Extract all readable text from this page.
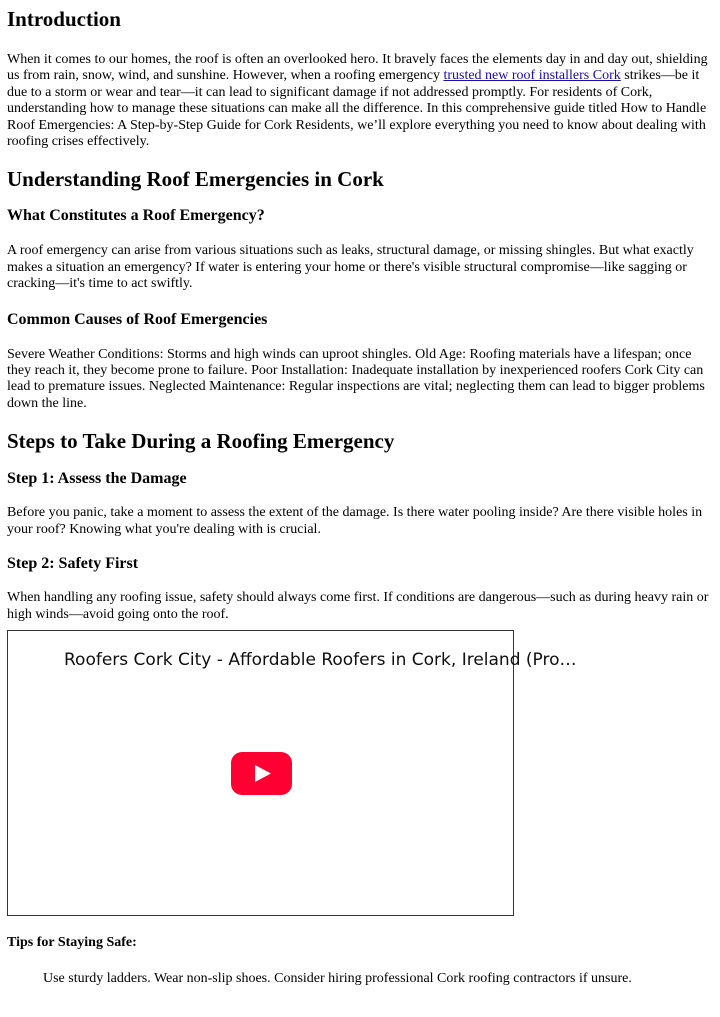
Introduction

When it comes to our homes, the roof is often an overlooked hero. It bravely faces the elements day in and day out, shielding us from rain, snow, wind, and sunshine. However, when a roofing emergency trusted new roof installers Cork strikes—be it due to a storm or wear and tear—it can lead to significant damage if not addressed promptly. For residents of Cork, understanding how to manage these situations can make all the difference. In this comprehensive guide titled How to Handle Roof Emergencies: A Step-by-Step Guide for Cork Residents, we’ll explore everything you need to know about dealing with roofing crises effectively.

Understanding Roof Emergencies in Cork
What Constitutes a Roof Emergency?

A roof emergency can arise from various situations such as leaks, structural damage, or missing shingles. But what exactly makes a situation an emergency? If water is entering your home or there's visible structural compromise—like sagging or cracking—it's time to act swiftly.

Common Causes of Roof Emergencies

Severe Weather Conditions: Storms and high winds can uproot shingles. Old Age: Roofing materials have a lifespan; once they reach it, they become prone to failure. Poor Installation: Inadequate installation by inexperienced roofers Cork City can lead to premature issues. Neglected Maintenance: Regular inspections are vital; neglecting them can lead to bigger problems down the line.

Steps to Take During a Roofing Emergency
Step 1: Assess the Damage

Before you panic, take a moment to assess the extent of the damage. Is there water pooling inside? Are there visible holes in your roof? Knowing what you're dealing with is crucial.

Step 2: Safety First

When handling any roofing issue, safety should always come first. If conditions are dangerous—such as during heavy rain or high winds—avoid going onto the roof.

Roofers Cork City - Affordable Roofers in Cork, Ireland (Pro…
Tips for Staying Safe:
Use sturdy ladders. Wear non-slip shoes. Consider hiring professional Cork roofing contractors if unsure.
